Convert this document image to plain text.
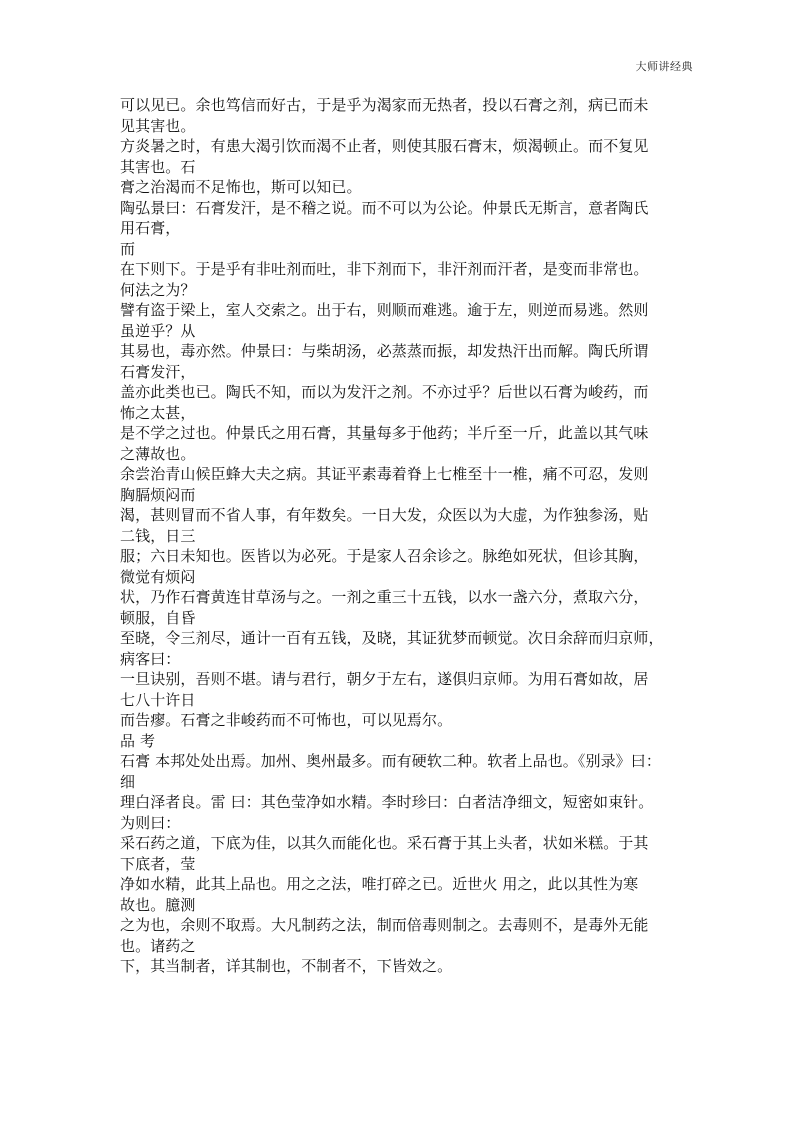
大师讲经典
可以见已。余也笃信而好古，于是乎为渴家而无热者，投以石膏之剂，病已而未
见其害也。
方炎暑之时，有患大渴引饮而渴不止者，则使其服石膏末，烦渴顿止。而不复见
其害也。石
膏之治渴而不足怖也，斯可以知已。
陶弘景曰：石膏发汗，是不稽之说。而不可以为公论。仲景氏无斯言，意者陶氏
用石膏，
而
在下则下。于是乎有非吐剂而吐，非下剂而下，非汗剂而汗者，是变而非常也。
何法之为？
譬有盗于梁上，室人交索之。出于右，则顺而难逃。逾于左，则逆而易逃。然则
虽逆乎？从
其易也，毒亦然。仲景曰：与柴胡汤，必蒸蒸而振，却发热汗出而解。陶氏所谓
石膏发汗，
盖亦此类也已。陶氏不知，而以为发汗之剂。不亦过乎？后世以石膏为峻药，而
怖之太甚，
是不学之过也。仲景氏之用石膏，其量每多于他药；半斤至一斤，此盖以其气味
之薄故也。
余尝治青山候臣蜂大夫之病。其证平素毒着脊上七椎至十一椎，痛不可忍，发则
胸膈烦闷而
渴，甚则冒而不省人事，有年数矣。一日大发，众医以为大虚，为作独参汤，贴
二钱，日三
服；六日未知也。医皆以为必死。于是家人召余诊之。脉绝如死状，但诊其胸，
微觉有烦闷
状，乃作石膏黄连甘草汤与之。一剂之重三十五钱，以水一盏六分，煮取六分，
顿服，自昏
至晓，令三剂尽，通计一百有五钱，及晓，其证犹梦而顿觉。次日余辞而归京师，
病客曰：
一旦诀别，吾则不堪。请与君行，朝夕于左右，遂俱归京师。为用石膏如故，居
七八十许日
而告瘳。石膏之非峻药而不可怖也，可以见焉尔。
品 考
石膏 本邦处处出焉。加州、奥州最多。而有硬软二种。软者上品也。《别录》曰：
细
理白泽者良。雷 曰：其色莹净如水精。李时珍曰：白者洁净细文，短密如束针。
为则曰：
采石药之道，下底为佳，以其久而能化也。采石膏于其上头者，状如米糕。于其
下底者，莹
净如水精，此其上品也。用之之法，唯打碎之已。近世火 用之，此以其性为寒
故也。臆测
之为也，余则不取焉。大凡制药之法，制而倍毒则制之。去毒则不，是毒外无能
也。诸药之
下，其当制者，详其制也，不制者不，下皆效之。
